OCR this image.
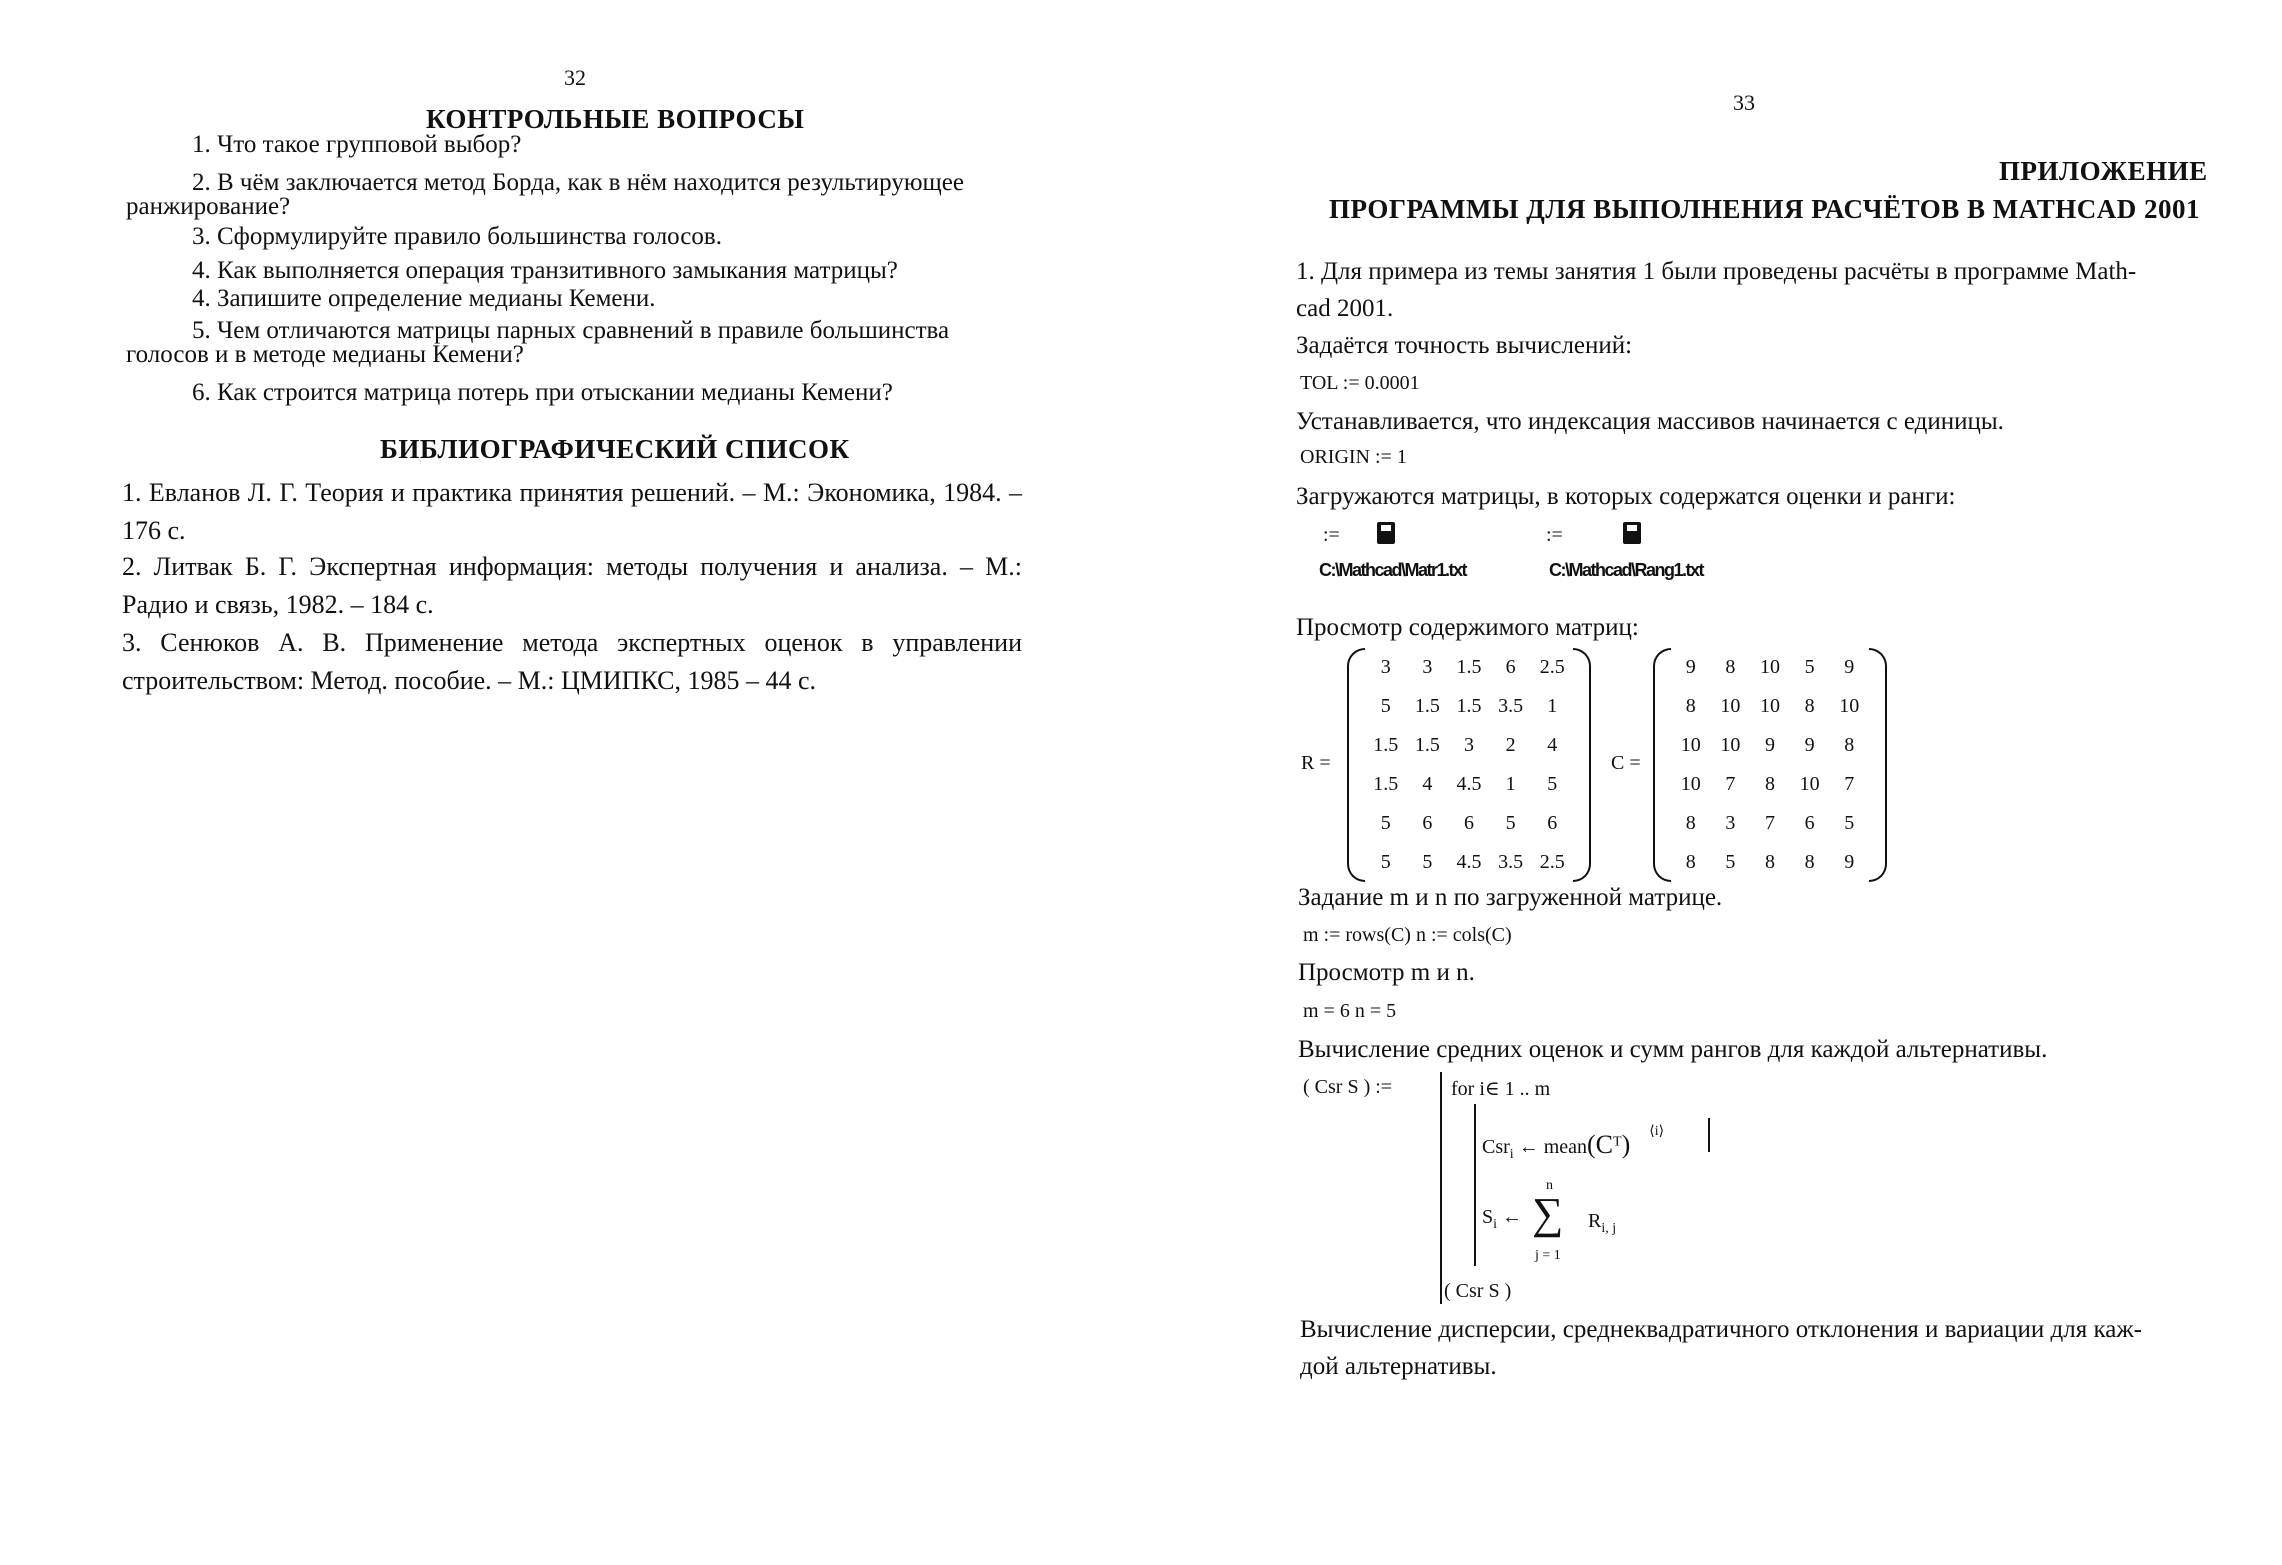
32
КОНТРОЛЬНЫЕ ВОПРОСЫ
1. Что такое групповой выбор?
2. В чём заключается метод Борда, как в нём находится результирующее
ранжирование?
3. Сформулируйте правило большинства голосов.
4. Как выполняется операция транзитивного замыкания матрицы?
4. Запишите определение медианы Кемени.
5. Чем отличаются матрицы парных сравнений в правиле большинства
голосов и в методе медианы Кемени?
6. Как строится матрица потерь при отыскании медианы Кемени?
БИБЛИОГРАФИЧЕСКИЙ СПИСОК
1. Евланов Л. Г. Теория и практика принятия решений. – М.: Экономика, 1984. – 176 с.
2. Литвак Б. Г. Экспертная информация: методы получения и анализа. – М.: Радио и связь, 1982. – 184 с.
3. Сенюков А. В. Применение метода экспертных оценок в управлении строительством: Метод. пособие. – М.: ЦМИПКС, 1985 – 44 с.
33
ПРИЛОЖЕНИЕ
ПРОГРАММЫ ДЛЯ ВЫПОЛНЕНИЯ РАСЧЁТОВ В MATHCAD 2001
1. Для примера из темы занятия 1 были проведены расчёты в программе Math-
cad 2001.
Задаётся точность вычислений:
TOL := 0.0001
Устанавливается, что индексация массивов начинается с единицы.
ORIGIN := 1
Загружаются матрицы, в которых содержатся оценки и ранги:
:=	:=
C:\Mathcad\Matr1.txt	C:\Mathcad\Rang1.txt
Просмотр содержимого матриц:
R =
3	3	1.5	6	2.5
5	1.5	1.5	3.5	1
1.5	1.5	3	2	4
1.5	4	4.5	1	5
5	6	6	5	6
5	5	4.5	3.5	2.5
C =
9	8	10	5	9
8	10	10	8	10
10	10	9	9	8
10	7	8	10	7
8	3	7	6	5
8	5	8	8	9
Задание m и n по загруженной матрице.
m := rows(C) n := cols(C)
Просмотр m и n.
m = 6 n = 5
Вычисление средних оценок и сумм рангов для каждой альтернативы.
( Csr S ) :=	for i∈ 1 .. m
Csr$_i$ ← $mean(C^T)$ $^{⟨i⟩}$
$S_i$ ←
n
∑
j = 1
$R_{i, j}$
( Csr S )
Вычисление дисперсии, среднеквадратичного отклонения и вариации для каж-
дой альтернативы.
